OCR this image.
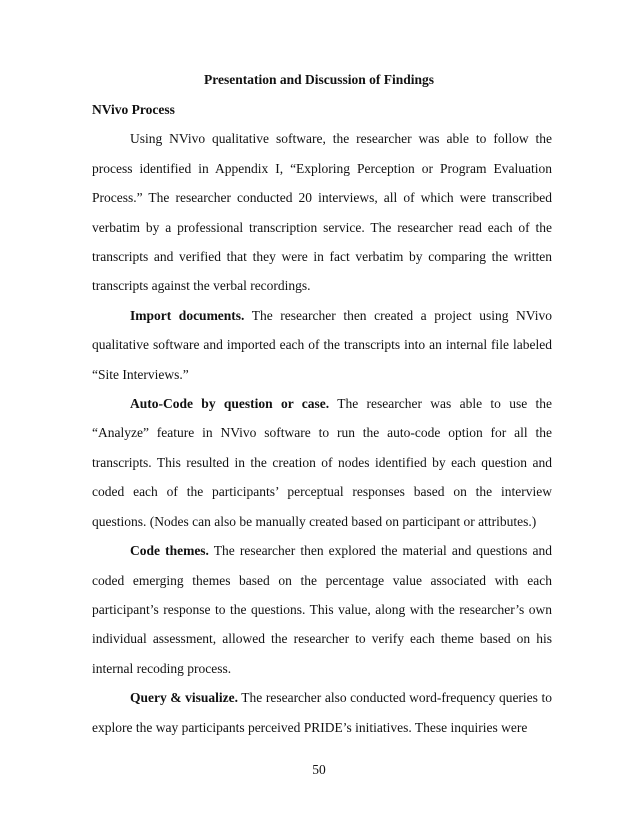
Presentation and Discussion of Findings

NVivo Process

Using NVivo qualitative software, the researcher was able to follow the process identified in Appendix I, “Exploring Perception or Program Evaluation Process.” The researcher conducted 20 interviews, all of which were transcribed verbatim by a professional transcription service. The researcher read each of the transcripts and verified that they were in fact verbatim by comparing the written transcripts against the verbal recordings.

Import documents. The researcher then created a project using NVivo qualitative software and imported each of the transcripts into an internal file labeled “Site Interviews.”

Auto-Code by question or case. The researcher was able to use the “Analyze” feature in NVivo software to run the auto-code option for all the transcripts. This resulted in the creation of nodes identified by each question and coded each of the participants’ perceptual responses based on the interview questions. (Nodes can also be manually created based on participant or attributes.)

Code themes. The researcher then explored the material and questions and coded emerging themes based on the percentage value associated with each participant’s response to the questions. This value, along with the researcher’s own individual assessment, allowed the researcher to verify each theme based on his internal recoding process.

Query & visualize. The researcher also conducted word-frequency queries to explore the way participants perceived PRIDE’s initiatives. These inquiries were

50
